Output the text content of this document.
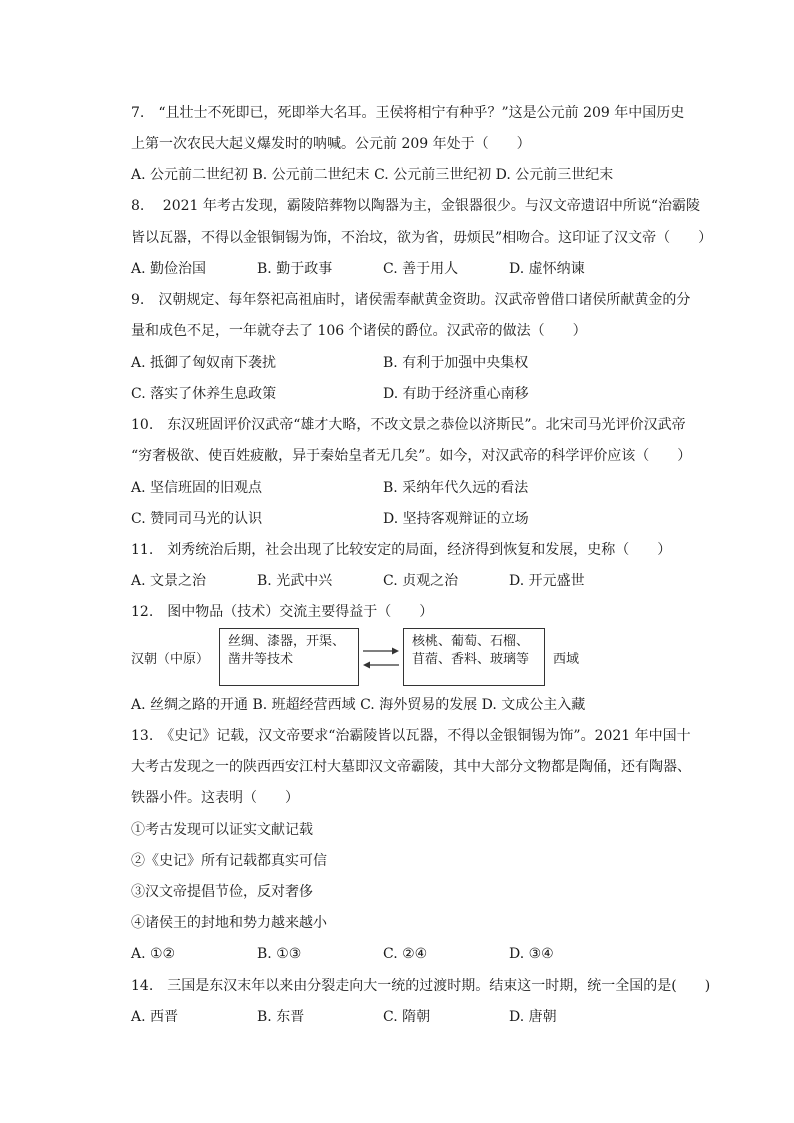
7.　“且壮士不死即已，死即举大名耳。王侯将相宁有种乎？”这是公元前 209 年中国历史
上第一次农民大起义爆发时的呐喊。公元前 209 年处于（　　）
A. 公元前二世纪初 B. 公元前二世纪末 C. 公元前三世纪初 D. 公元前三世纪末
8.　 2021 年考古发现，霸陵陪葬物以陶器为主，金银器很少。与汉文帝遗诏中所说“治霸陵
皆以瓦器，不得以金银铜锡为饰，不治坟，欲为省，毋烦民”相吻合。这印证了汉文帝（　　）
A. 勤俭治国	B. 勤于政事	C. 善于用人	D. 虚怀纳谏
9.　汉朝规定、每年祭祀高祖庙时，诸侯需奉献黄金资助。汉武帝曾借口诸侯所献黄金的分
量和成色不足，一年就夺去了 106 个诸侯的爵位。汉武帝的做法（　　）
A. 抵御了匈奴南下袭扰	B. 有利于加强中央集权
C. 落实了休养生息政策	D. 有助于经济重心南移
10.　东汉班固评价汉武帝“雄才大略，不改文景之恭俭以济斯民”。北宋司马光评价汉武帝
“穷奢极欲、使百姓疲敝，异于秦始皇者无几矣”。如今，对汉武帝的科学评价应该（　　）
A. 坚信班固的旧观点	B. 采纳年代久远的看法
C. 赞同司马光的认识	D. 坚持客观辩证的立场
11.　刘秀统治后期，社会出现了比较安定的局面，经济得到恢复和发展，史称（　　）
A. 文景之治	B. 光武中兴	C. 贞观之治	D. 开元盛世
12.　图中物品（技术）交流主要得益于（　　）
汉朝（中原）
丝绸、漆器，开渠、
凿井等技术
核桃、葡萄、石榴、
苜蓿、香料、玻璃等	西域
A. 丝绸之路的开通 B. 班超经营西域 C. 海外贸易的发展 D. 文成公主入藏
13.　《史记》记载，汉文帝要求“治霸陵皆以瓦器，不得以金银铜锡为饰”。2021 年中国十
大考古发现之一的陕西西安江村大墓即汉文帝霸陵，其中大部分文物都是陶俑，还有陶器、
铁器小件。这表明（　　）
①考古发现可以证实文献记载
②《史记》所有记载都真实可信
③汉文帝提倡节俭，反对奢侈
④诸侯王的封地和势力越来越小
A. ①②	B. ①③	C. ②④	D. ③④
14.　三国是东汉末年以来由分裂走向大一统的过渡时期。结束这一时期，统一全国的是(　　)
A. 西晋	B. 东晋	C. 隋朝	D. 唐朝
